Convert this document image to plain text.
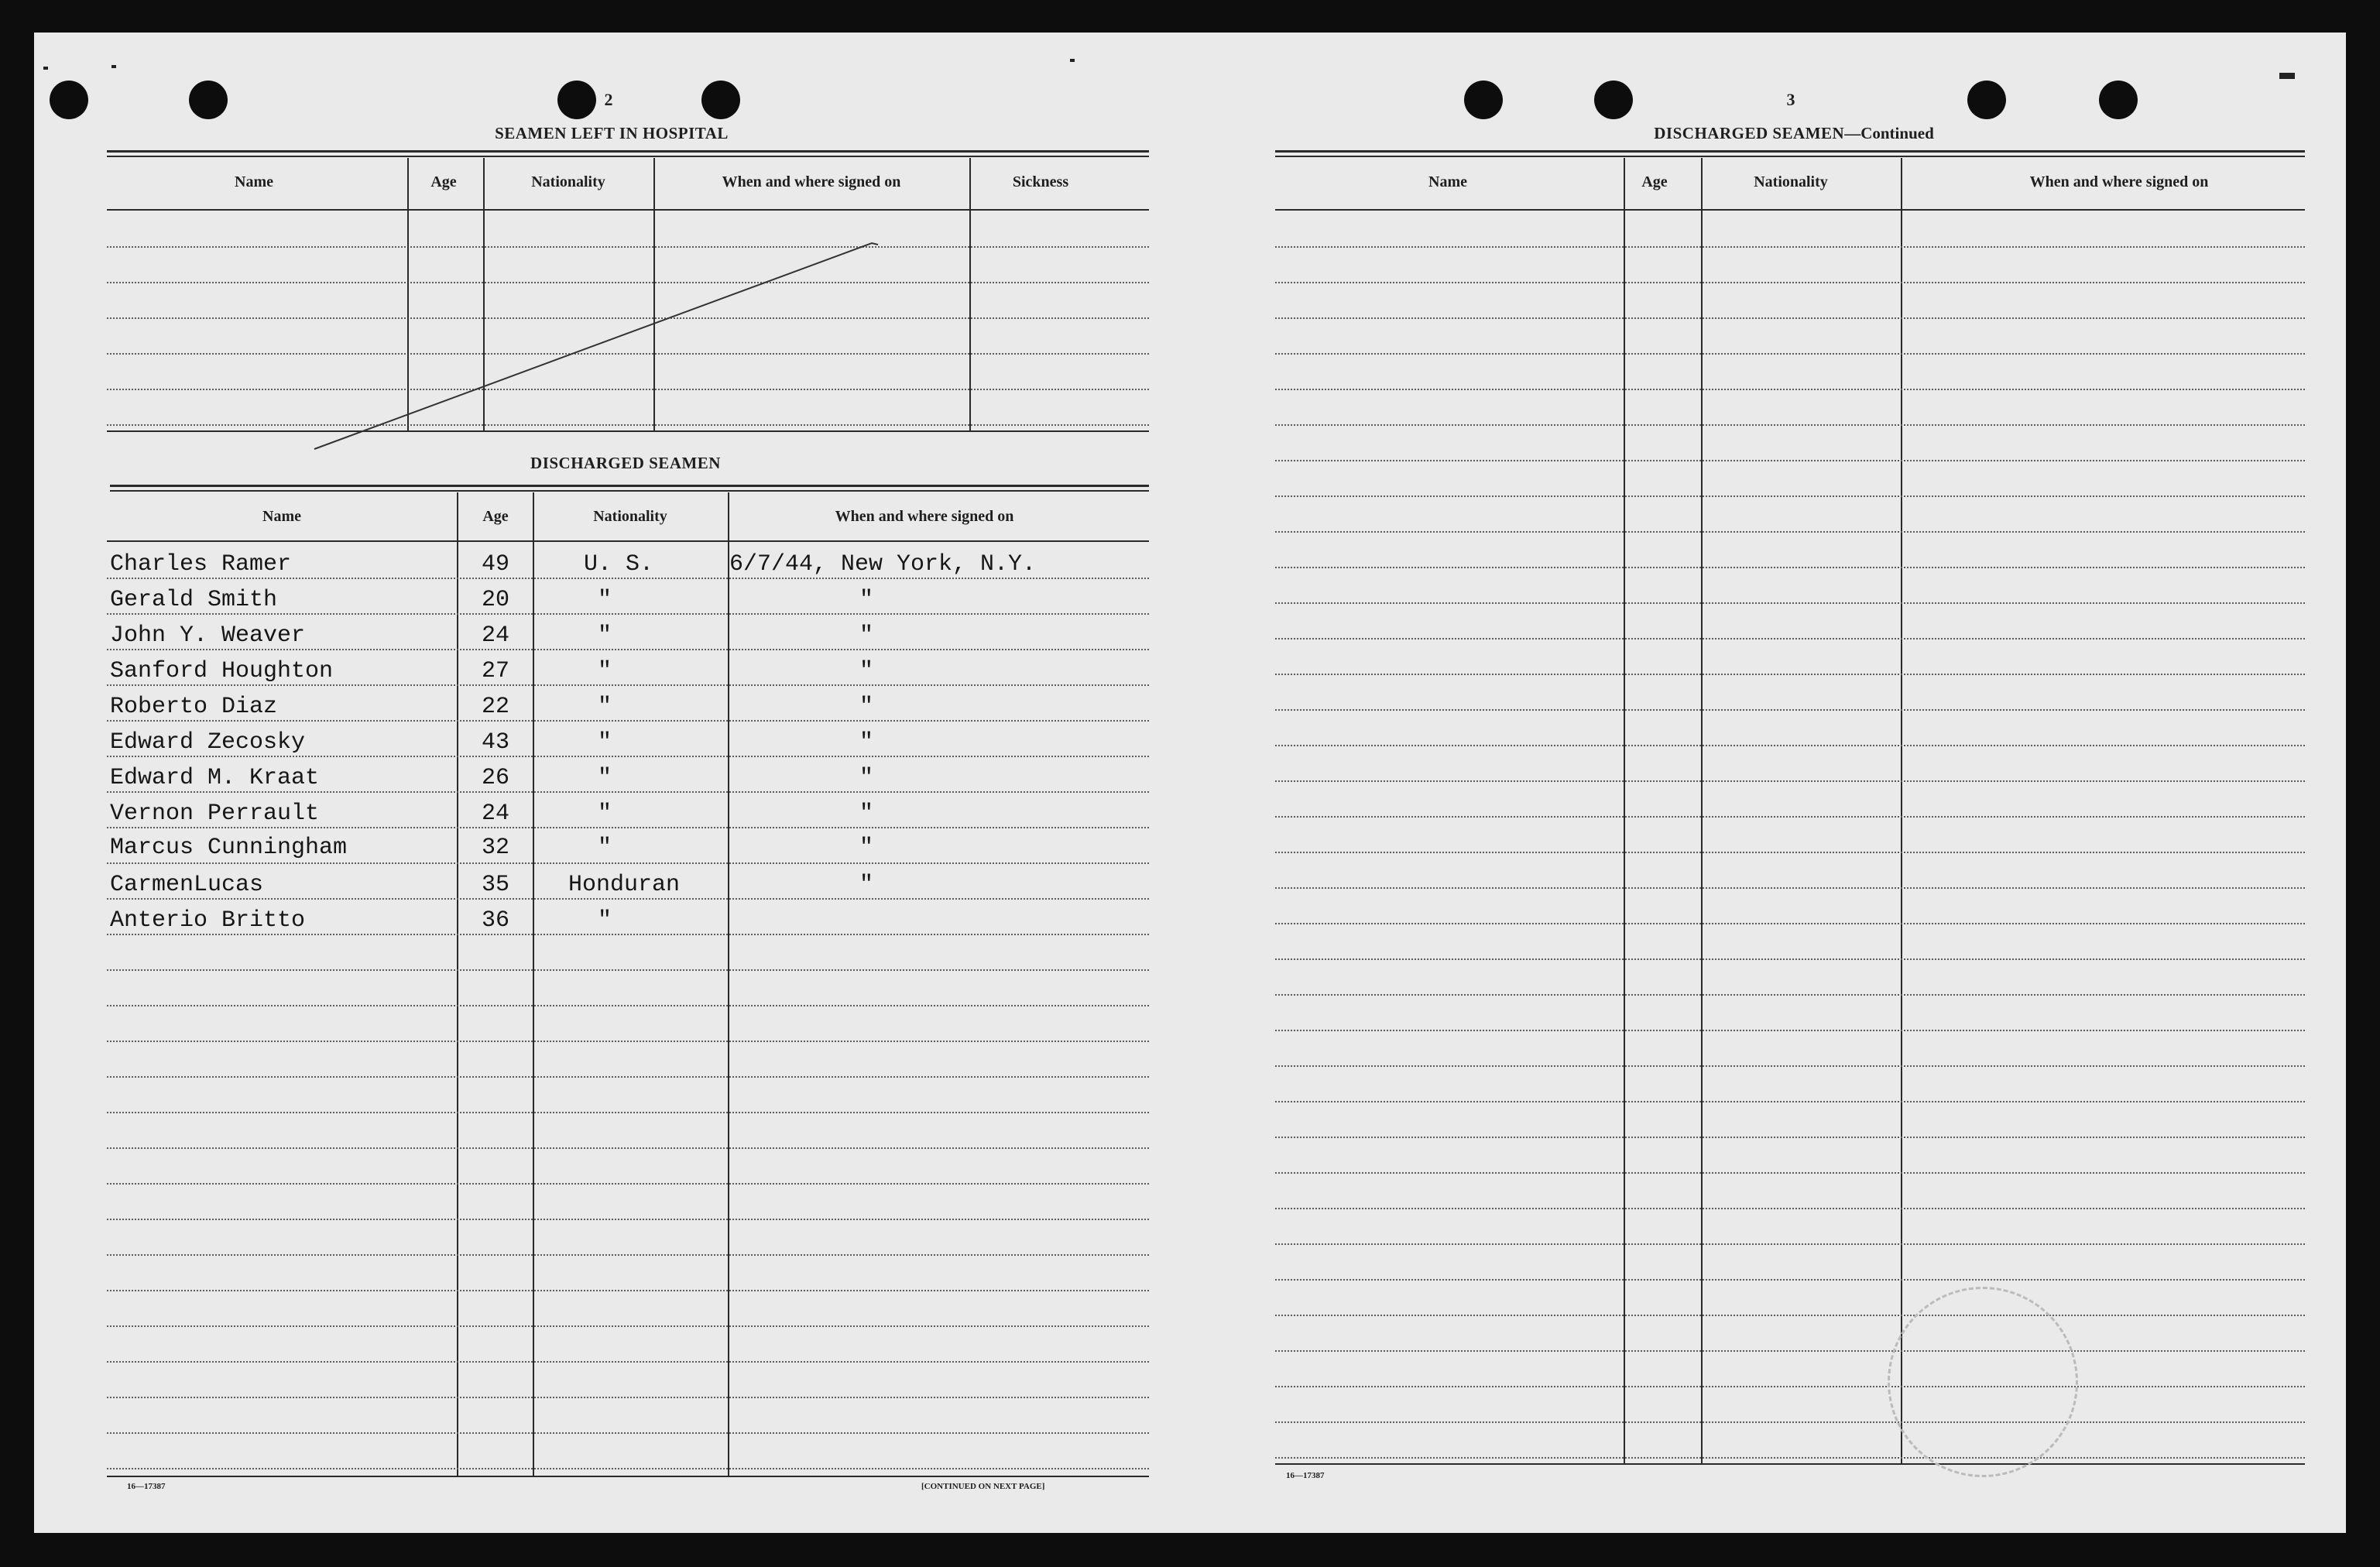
2
SEAMEN LEFT IN HOSPITAL
Name	Age	Nationality	When and where signed on	Sickness
DISCHARGED SEAMEN
Name	Age	Nationality	When and where signed on
Charles Ramer	49	U. S.	6/7/44, New York, N.Y.
Gerald Smith	20	"	"
John Y. Weaver	24	"	"
Sanford Houghton	27	"	"
Roberto Diaz	22	"	"
Edward Zecosky	43	"	"
Edward M. Kraat	26	"	"
Vernon Perrault	24	"	"
Marcus Cunningham	32	"	"
CarmenLucas	35	Honduran	"
Anterio Britto	36	"
16—17387	[CONTINUED ON NEXT PAGE]
3
DISCHARGED SEAMEN—Continued
Name	Age	Nationality	When and where signed on
16—17387
